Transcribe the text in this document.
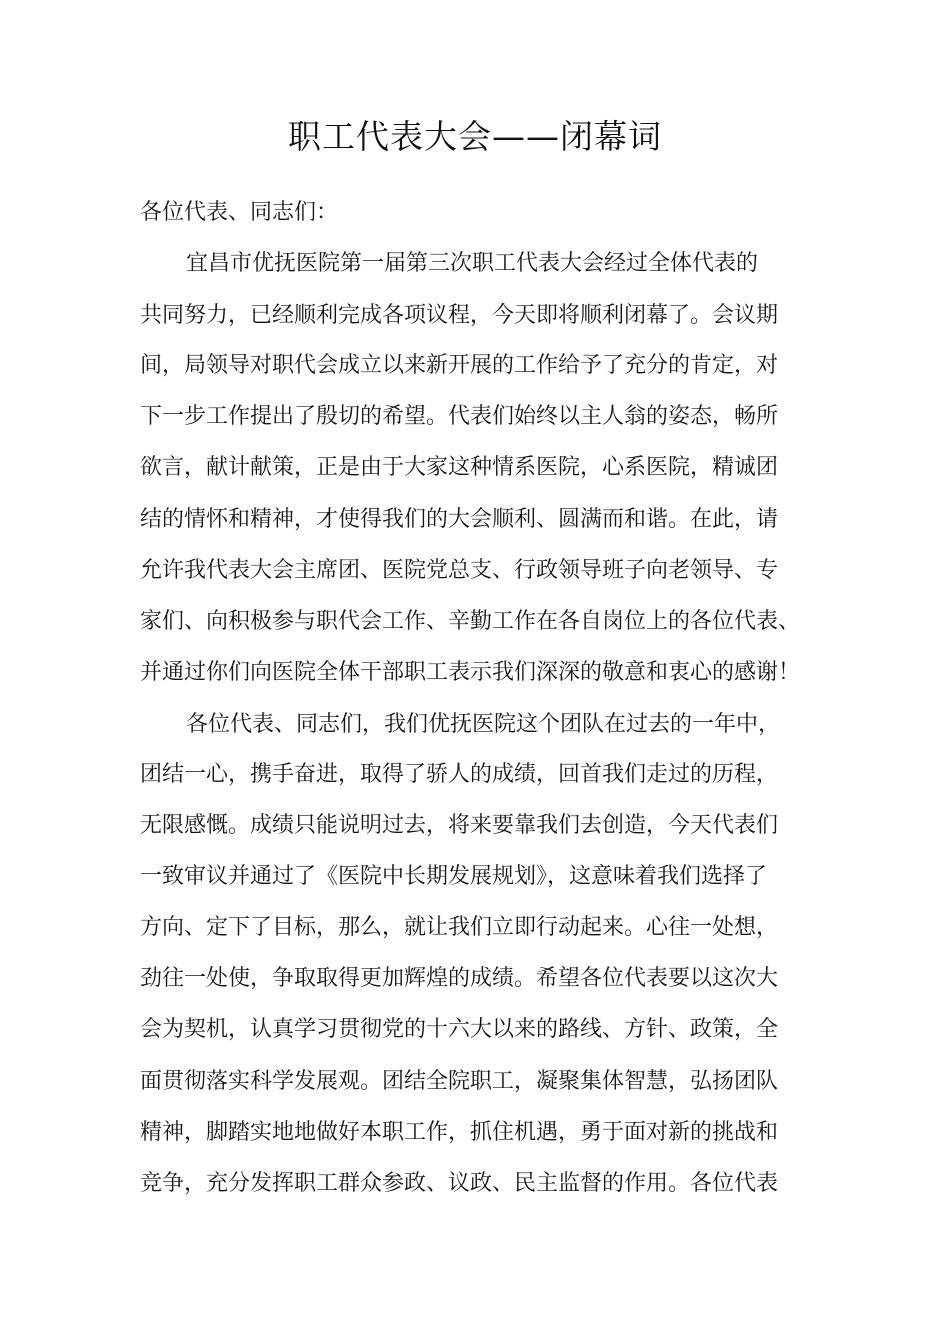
职工代表大会——闭幕词
各位代表、同志们：
宜昌市优抚医院第一届第三次职工代表大会经过全体代表的
共同努力，已经顺利完成各项议程，今天即将顺利闭幕了。会议期
间，局领导对职代会成立以来新开展的工作给予了充分的肯定，对
下一步工作提出了殷切的希望。代表们始终以主人翁的姿态，畅所
欲言，献计献策，正是由于大家这种情系医院，心系医院，精诚团
结的情怀和精神，才使得我们的大会顺利、圆满而和谐。在此，请
允许我代表大会主席团、医院党总支、行政领导班子向老领导、专
家们、向积极参与职代会工作、辛勤工作在各自岗位上的各位代表、
并通过你们向医院全体干部职工表示我们深深的敬意和衷心的感谢！
各位代表、同志们，我们优抚医院这个团队在过去的一年中，
团结一心，携手奋进，取得了骄人的成绩，回首我们走过的历程，
无限感慨。成绩只能说明过去，将来要靠我们去创造，今天代表们
一致审议并通过了《医院中长期发展规划》，这意味着我们选择了
方向、定下了目标，那么，就让我们立即行动起来。心往一处想，
劲往一处使，争取取得更加辉煌的成绩。希望各位代表要以这次大
会为契机，认真学习贯彻党的十六大以来的路线、方针、政策，全
面贯彻落实科学发展观。团结全院职工，凝聚集体智慧，弘扬团队
精神，脚踏实地地做好本职工作，抓住机遇，勇于面对新的挑战和
竞争，充分发挥职工群众参政、议政、民主监督的作用。各位代表
